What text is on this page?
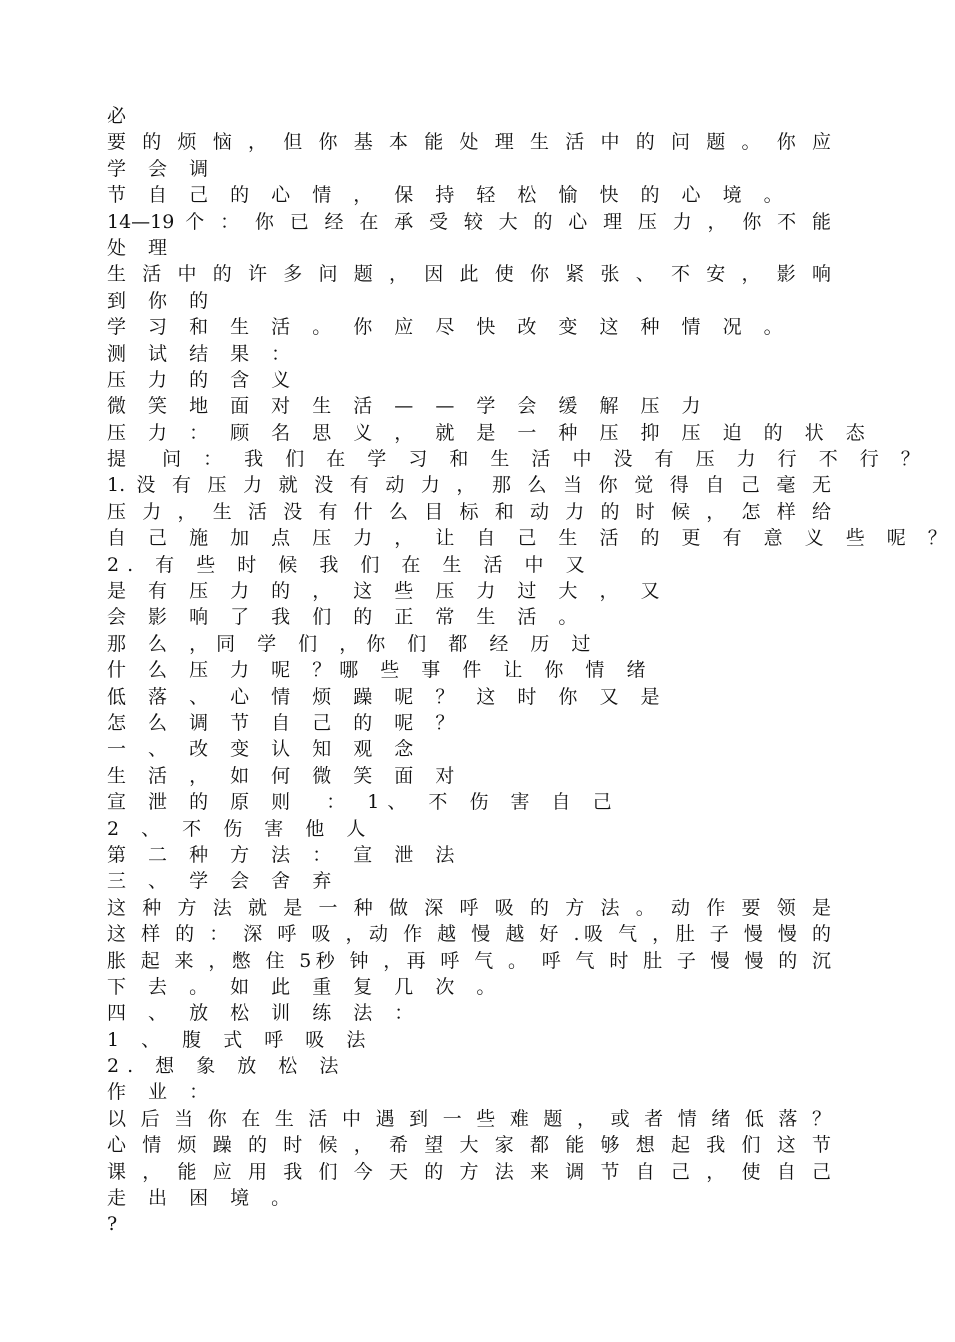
必
要 的 烦 恼 ， 但 你 基 本 能 处 理 生 活 中 的 问 题 。 你 应
学 会 调
节 自 己 的 心 情 ， 保 持 轻 松 愉 快 的 心 境 。
14—19 个 ： 你 已 经 在 承 受 较 大 的 心 理 压 力 ， 你 不 能
处 理
生 活 中 的 许 多 问 题 ， 因 此 使 你 紧 张 、 不 安 ， 影 响
到 你 的
学 习 和 生 活 。 你 应 尽 快 改 变 这 种 情 况 。
测 试 结 果 ：
压 力 的 含 义
微 笑 地 面 对 生 活 — — 学 会 缓 解 压 力
压 力 ： 顾 名 思 义 ， 就 是 一 种 压 抑 压 迫 的 状 态
提  问 ： 我 们 在 学 习 和 生 活 中 没 有 压 力 行 不 行 ？
1. 没 有 压 力 就 没 有 动 力 ， 那 么 当 你 觉 得 自 己 毫 无
压 力 ， 生 活 没 有 什 么 目 标 和 动 力 的 时 候 ， 怎 样 给
自 己 施 加 点 压 力 ， 让 自 己 生 活 的 更 有 意 义 些 呢 ？
2. 有 些 时 候 我 们 在 生 活 中 又
是 有 压 力 的 ， 这 些 压 力 过 大 ， 又
会 影 响 了 我 们 的 正 常 生 活 。
那 么 ，同 学 们 ，你 们 都 经 历 过
什 么 压 力 呢 ？哪 些 事 件 让 你 情 绪
低 落 、 心 情 烦 躁 呢 ？ 这 时 你 又 是
怎 么 调 节 自 己 的 呢 ？
一 、 改 变 认 知 观 念
生 活 ， 如 何 微 笑 面 对
宣 泄 的 原 则  ： 1、 不 伤 害 自 己
2 、 不 伤 害 他 人
第 二 种 方 法 ： 宣 泄 法
三 、 学 会 舍 弃
这 种 方 法 就 是 一 种 做 深 呼 吸 的 方 法 。 动 作 要 领 是
这 样 的 ： 深 呼 吸 ，动 作 越 慢 越 好 .吸 气 ，肚 子 慢 慢 的
胀 起 来 ，憋 住 5秒 钟 ，再 呼 气 。 呼 气 时 肚 子 慢 慢 的 沉
下 去 。 如 此 重 复 几 次 。
四 、 放 松 训 练 法 ：
1 、 腹 式 呼 吸 法
2. 想 象 放 松 法
作 业 ：
以 后 当 你 在 生 活 中 遇 到 一 些 难 题 ， 或 者 情 绪 低 落 ？
心 情 烦 躁 的 时 候 ， 希 望 大 家 都 能 够 想 起 我 们 这 节
课 ， 能 应 用 我 们 今 天 的 方 法 来 调 节 自 己 ， 使 自 己
走 出 困 境 。
?
